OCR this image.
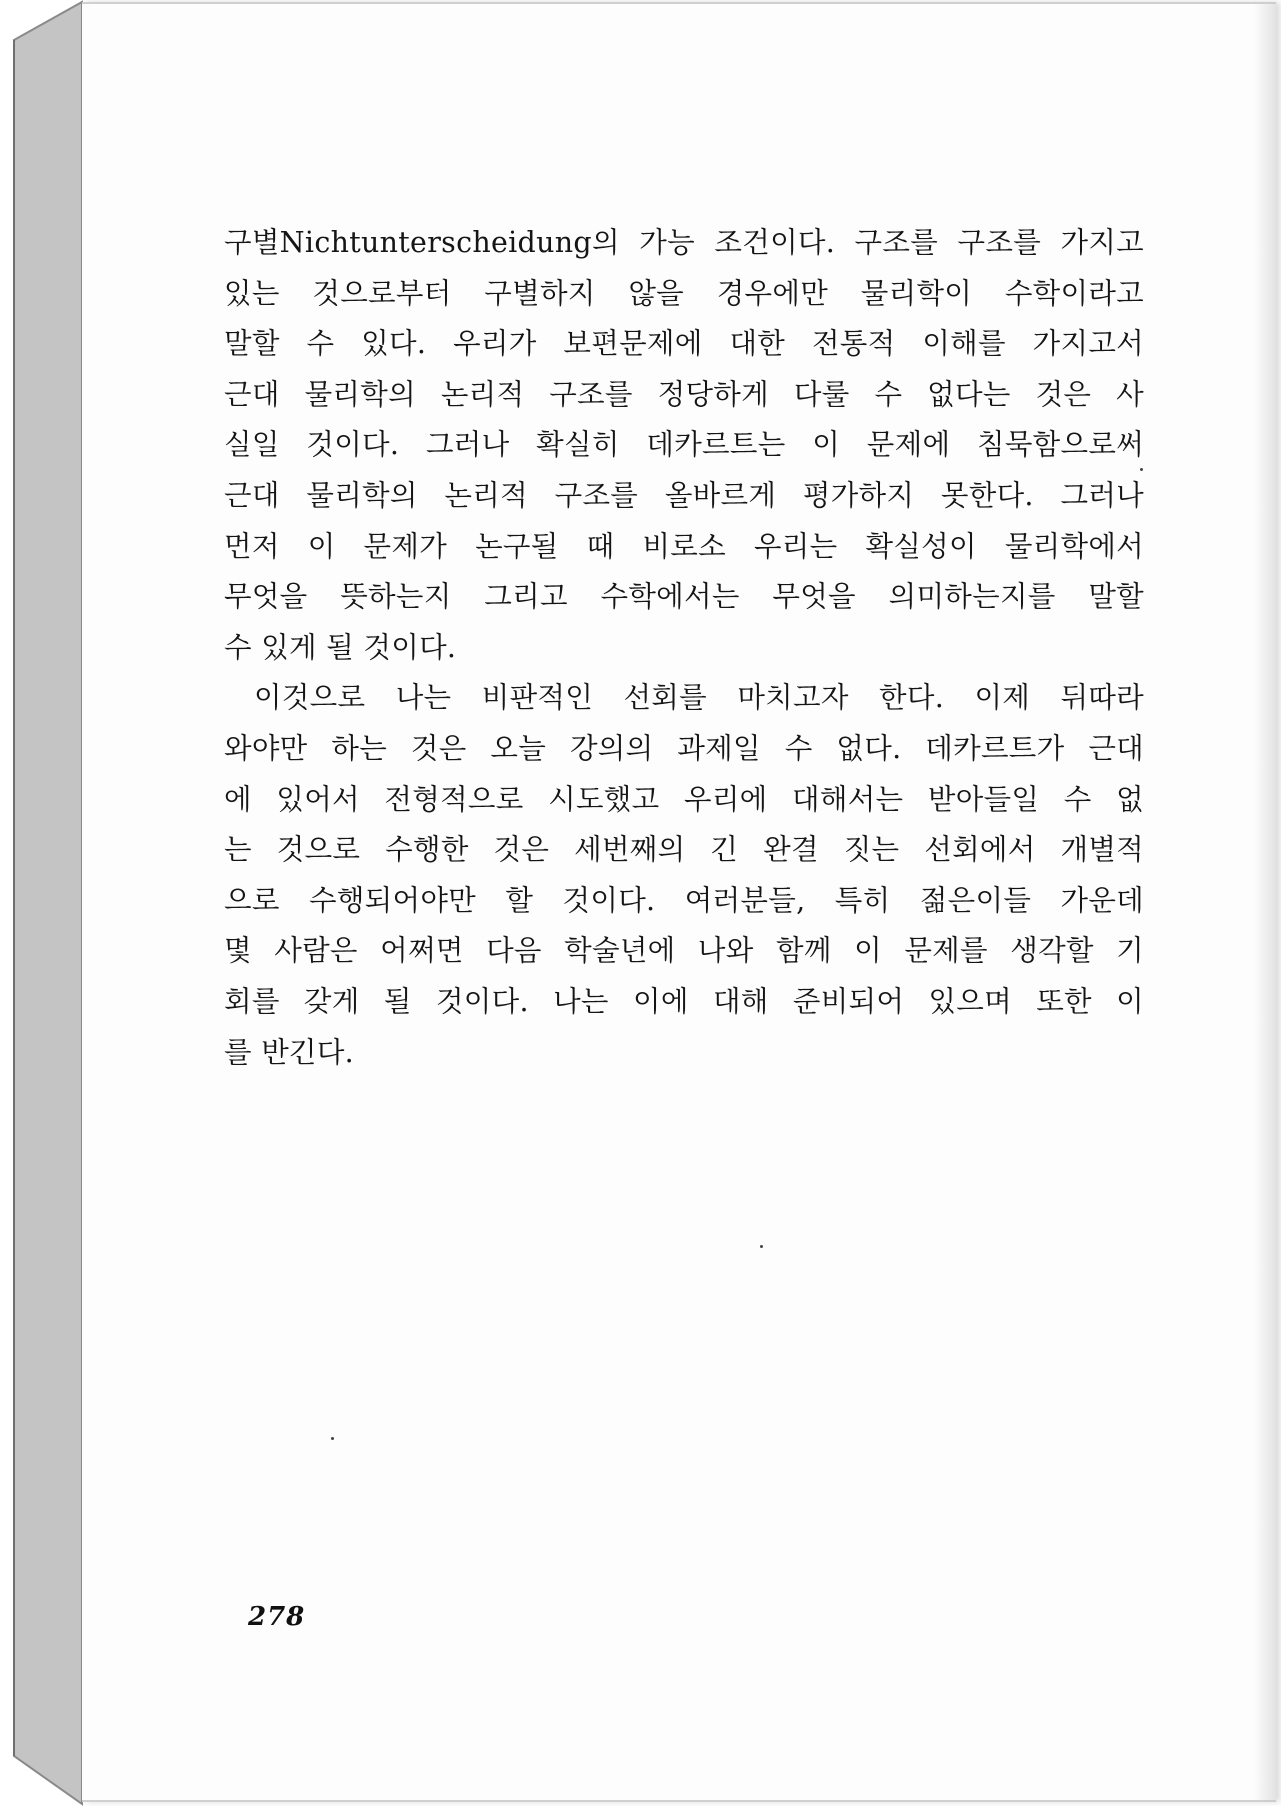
구별Nichtunterscheidung의 가능 조건이다. 구조를 구조를 가지고
있는 것으로부터 구별하지 않을 경우에만 물리학이 수학이라고
말할 수 있다. 우리가 보편문제에 대한 전통적 이해를 가지고서
근대 물리학의 논리적 구조를 정당하게 다룰 수 없다는 것은 사
실일 것이다. 그러나 확실히 데카르트는 이 문제에 침묵함으로써
근대 물리학의 논리적 구조를 올바르게 평가하지 못한다. 그러나
먼저 이 문제가 논구될 때 비로소 우리는 확실성이 물리학에서
무엇을 뜻하는지 그리고 수학에서는 무엇을 의미하는지를 말할
수 있게 될 것이다.
이것으로 나는 비판적인 선회를 마치고자 한다. 이제 뒤따라
와야만 하는 것은 오늘 강의의 과제일 수 없다. 데카르트가 근대
에 있어서 전형적으로 시도했고 우리에 대해서는 받아들일 수 없
는 것으로 수행한 것은 세번째의 긴 완결 짓는 선회에서 개별적
으로 수행되어야만 할 것이다. 여러분들, 특히 젊은이들 가운데
몇 사람은 어쩌면 다음 학술년에 나와 함께 이 문제를 생각할 기
회를 갖게 될 것이다. 나는 이에 대해 준비되어 있으며 또한 이
를 반긴다.
278
